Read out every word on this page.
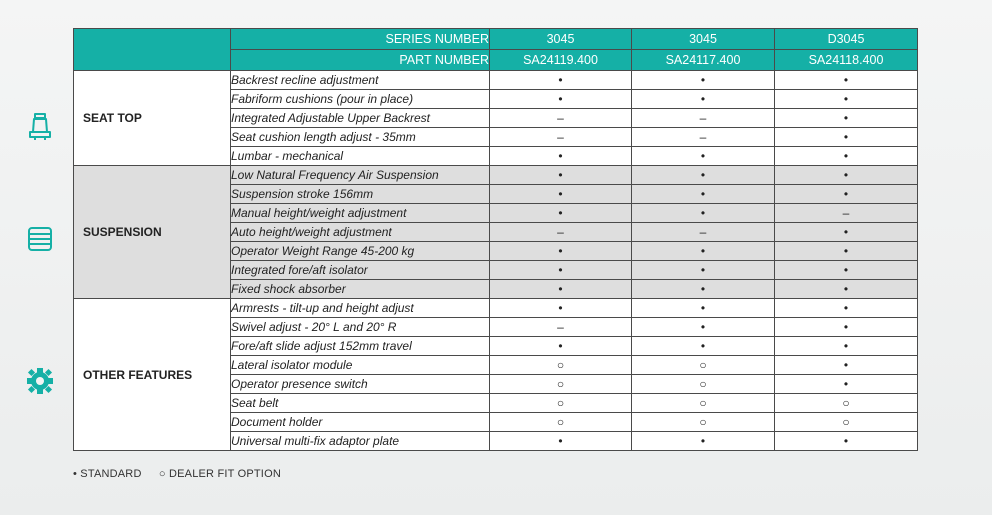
	SERIES NUMBER	3045	3045	D3045
	PART NUMBER	SA24119.400	SA24117.400	SA24118.400
SEAT TOP	Backrest recline adjustment	•	•	•
	Fabriform cushions (pour in place)	•	•	•
	Integrated Adjustable Upper Backrest	–	–	•
	Seat cushion length adjust - 35mm	–	–	•
	Lumbar - mechanical	•	•	•
SUSPENSION	Low Natural Frequency Air Suspension	•	•	•
	Suspension stroke 156mm	•	•	•
	Manual height/weight adjustment	•	•	–
	Auto height/weight adjustment	–	–	•
	Operator Weight Range 45-200 kg	•	•	•
	Integrated fore/aft isolator	•	•	•
	Fixed shock absorber	•	•	•
OTHER FEATURES	Armrests - tilt-up and height adjust	•	•	•
	Swivel adjust - 20° L and 20° R	–	•	•
	Fore/aft slide adjust 152mm travel	•	•	•
	Lateral isolator module	○	○	•
	Operator presence switch	○	○	•
	Seat belt	○	○	○
	Document holder	○	○	○
	Universal multi-fix adaptor plate	•	•	•
• STANDARD ○ DEALER FIT OPTION
